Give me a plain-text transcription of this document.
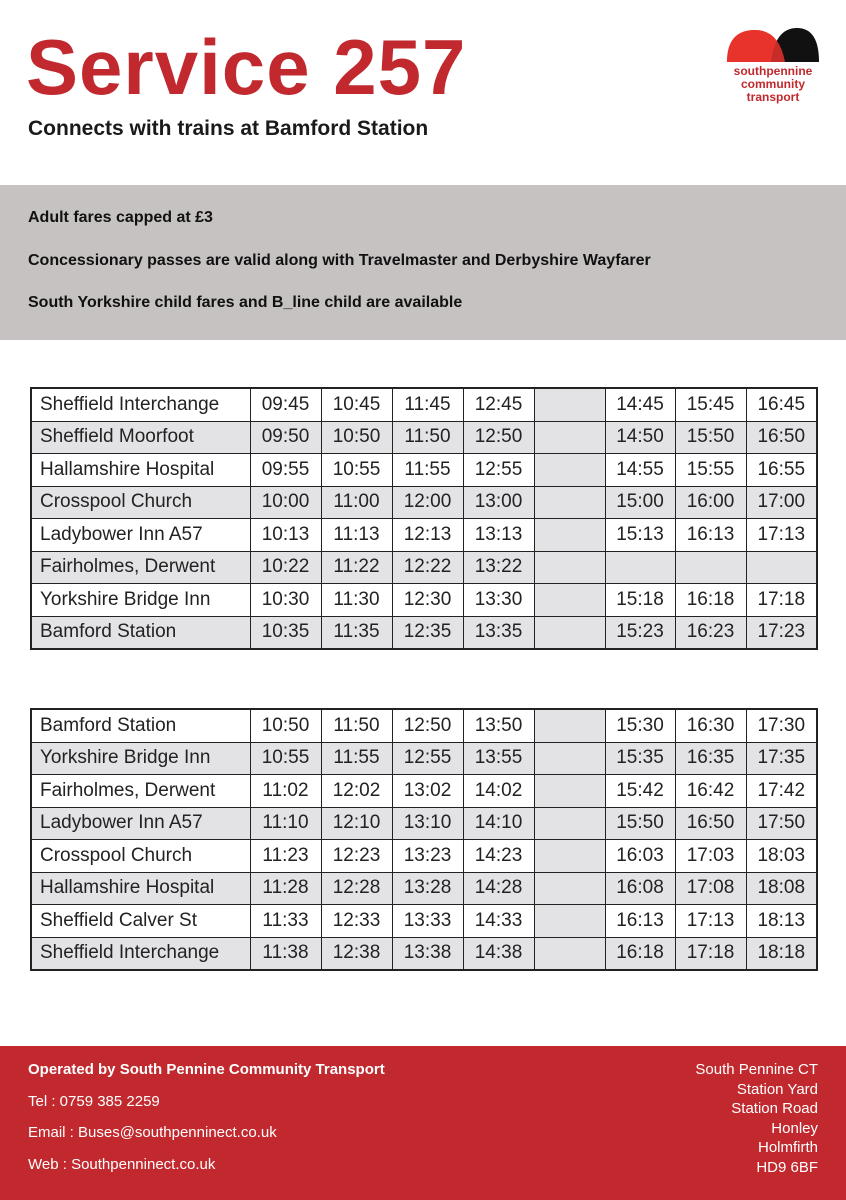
Service 257
Connects with trains at Bamford Station
southpennine
community
transport
Adult fares capped at £3
Concessionary passes are valid along with Travelmaster and Derbyshire Wayfarer
South Yorkshire child fares and B_line child are available
Sheffield Interchange	09:45	10:45	11:45	12:45		14:45	15:45	16:45
Sheffield Moorfoot	09:50	10:50	11:50	12:50		14:50	15:50	16:50
Hallamshire Hospital	09:55	10:55	11:55	12:55		14:55	15:55	16:55
Crosspool Church	10:00	11:00	12:00	13:00		15:00	16:00	17:00
Ladybower Inn A57	10:13	11:13	12:13	13:13		15:13	16:13	17:13
Fairholmes, Derwent	10:22	11:22	12:22	13:22				
Yorkshire Bridge Inn	10:30	11:30	12:30	13:30		15:18	16:18	17:18
Bamford Station	10:35	11:35	12:35	13:35		15:23	16:23	17:23
Bamford Station	10:50	11:50	12:50	13:50		15:30	16:30	17:30
Yorkshire Bridge Inn	10:55	11:55	12:55	13:55		15:35	16:35	17:35
Fairholmes, Derwent	11:02	12:02	13:02	14:02		15:42	16:42	17:42
Ladybower Inn A57	11:10	12:10	13:10	14:10		15:50	16:50	17:50
Crosspool Church	11:23	12:23	13:23	14:23		16:03	17:03	18:03
Hallamshire Hospital	11:28	12:28	13:28	14:28		16:08	17:08	18:08
Sheffield Calver St	11:33	12:33	13:33	14:33		16:13	17:13	18:13
Sheffield Interchange	11:38	12:38	13:38	14:38		16:18	17:18	18:18
Operated by South Pennine Community Transport
Tel : 0759 385 2259
Email : Buses@southpenninect.co.uk
Web : Southpenninect.co.uk
South Pennine CT
Station Yard
Station Road
Honley
Holmfirth
HD9 6BF
